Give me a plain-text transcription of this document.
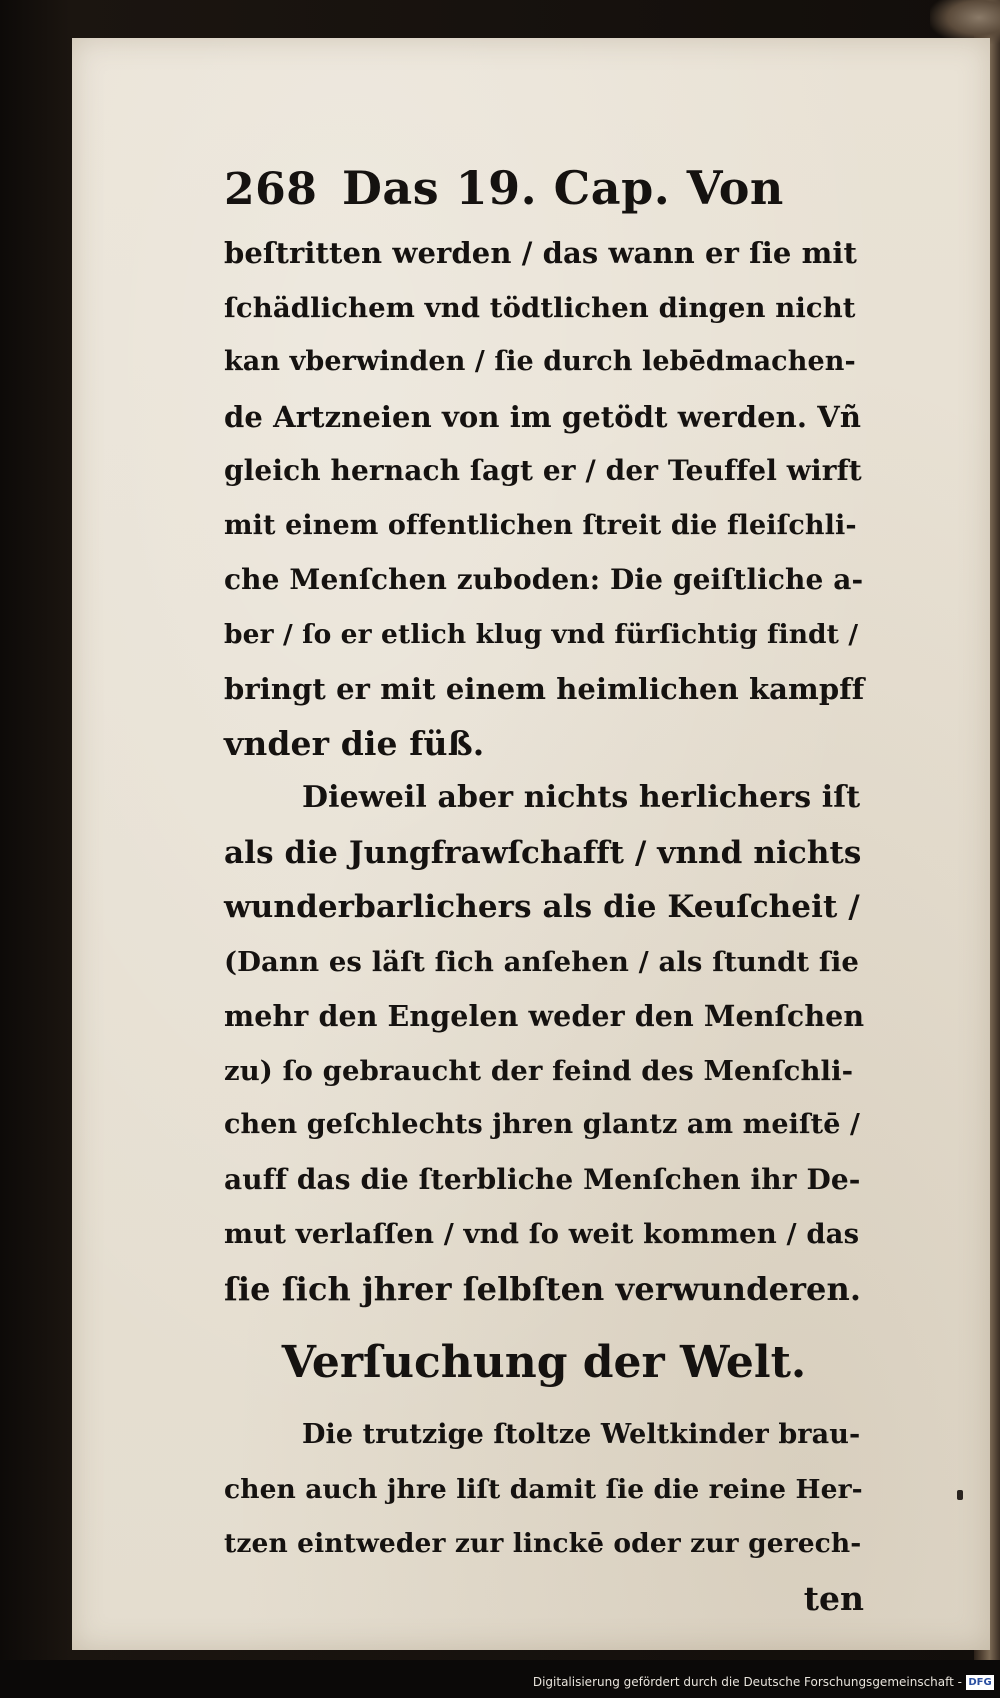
268 Das 19. Cap. Von
beſtritten werden / das wann er ſie mit
ſchädlichem vnd tödtlichen dingen nicht
kan vberwinden / ſie durch lebēdmachen-
de Artzneien von im getödt werden. Vñ
gleich hernach ſagt er / der Teuffel wirft
mit einem offentlichen ſtreit die fleiſchli-
che Menſchen zuboden: Die geiſtliche a-
ber / ſo er etlich klug vnd fürſichtig findt /
bringt er mit einem heimlichen kampff
vnder die füß.
Dieweil aber nichts herlichers iſt
als die Jungfrawſchafft / vnnd nichts
wunderbarlichers als die Keuſcheit /
(Dann es läſt ſich anſehen / als ſtundt ſie
mehr den Engelen weder den Menſchen
zu) ſo gebraucht der feind des Menſchli-
chen geſchlechts jhren glantz am meiſtē /
auff das die ſterbliche Menſchen ihr De-
mut verlaſſen / vnd ſo weit kommen / das
ſie ſich jhrer ſelbſten verwunderen.
Verſuchung der Welt.
Die trutzige ſtoltze Weltkinder brau-
chen auch jhre liſt damit ſie die reine Her-
tzen eintweder zur linckē oder zur gerech-
ten
Digitalisierung gefördert durch die Deutsche Forschungsgemeinschaft - DFG
